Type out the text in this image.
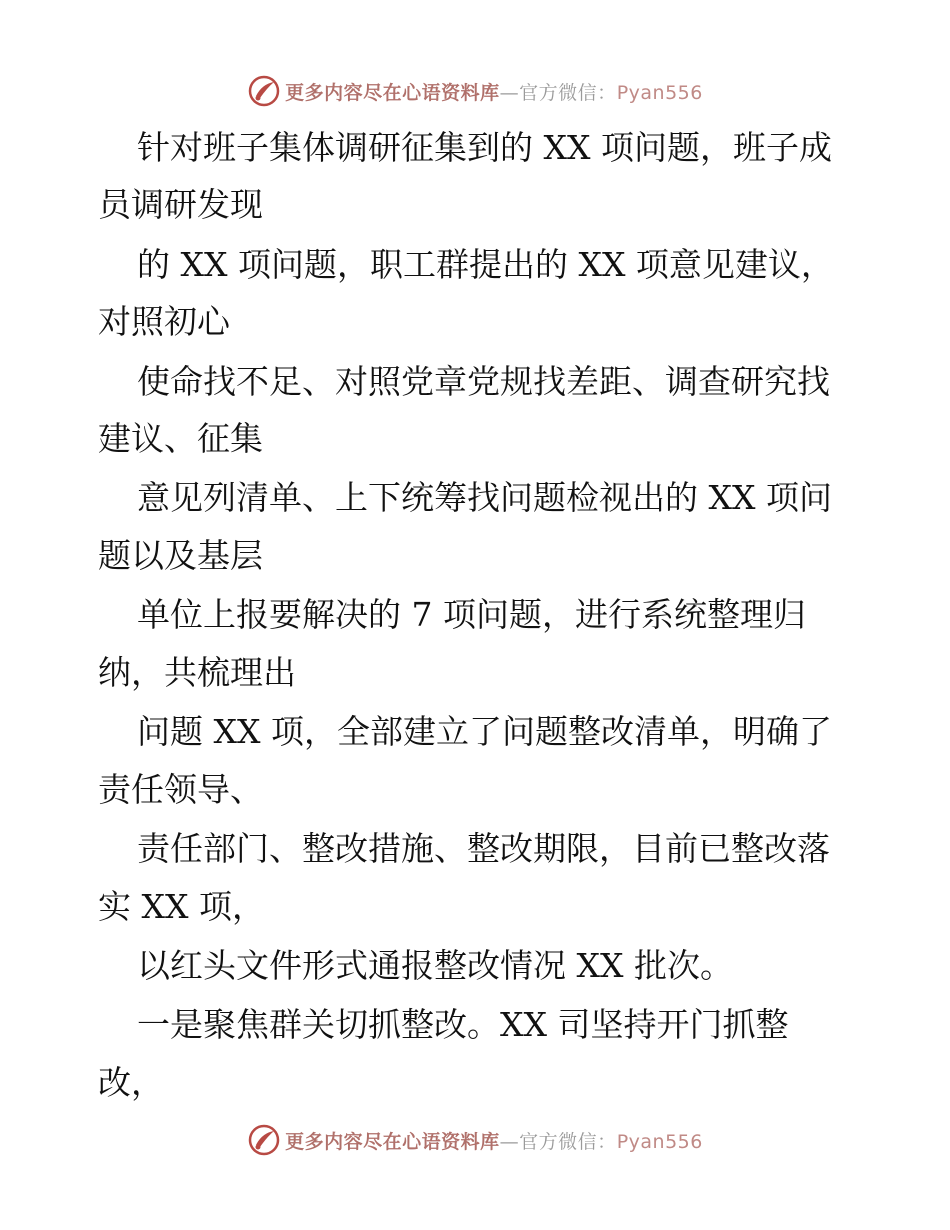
更多内容尽在心语资料库—官方微信：Pyan556
针对班子集体调研征集到的 XX 项问题，班子成
员调研发现
的 XX 项问题，职工群提出的 XX 项意见建议，
对照初心
使命找不足、对照党章党规找差距、调查研究找
建议、征集
意见列清单、上下统筹找问题检视出的 XX 项问
题以及基层
单位上报要解决的 7 项问题，进行系统整理归
纳，共梳理出
问题 XX 项，全部建立了问题整改清单，明确了
责任领导、
责任部门、整改措施、整改期限，目前已整改落
实 XX 项，
以红头文件形式通报整改情况 XX 批次。
一是聚焦群关切抓整改。XX 司坚持开门抓整
改，
更多内容尽在心语资料库—官方微信：Pyan556
